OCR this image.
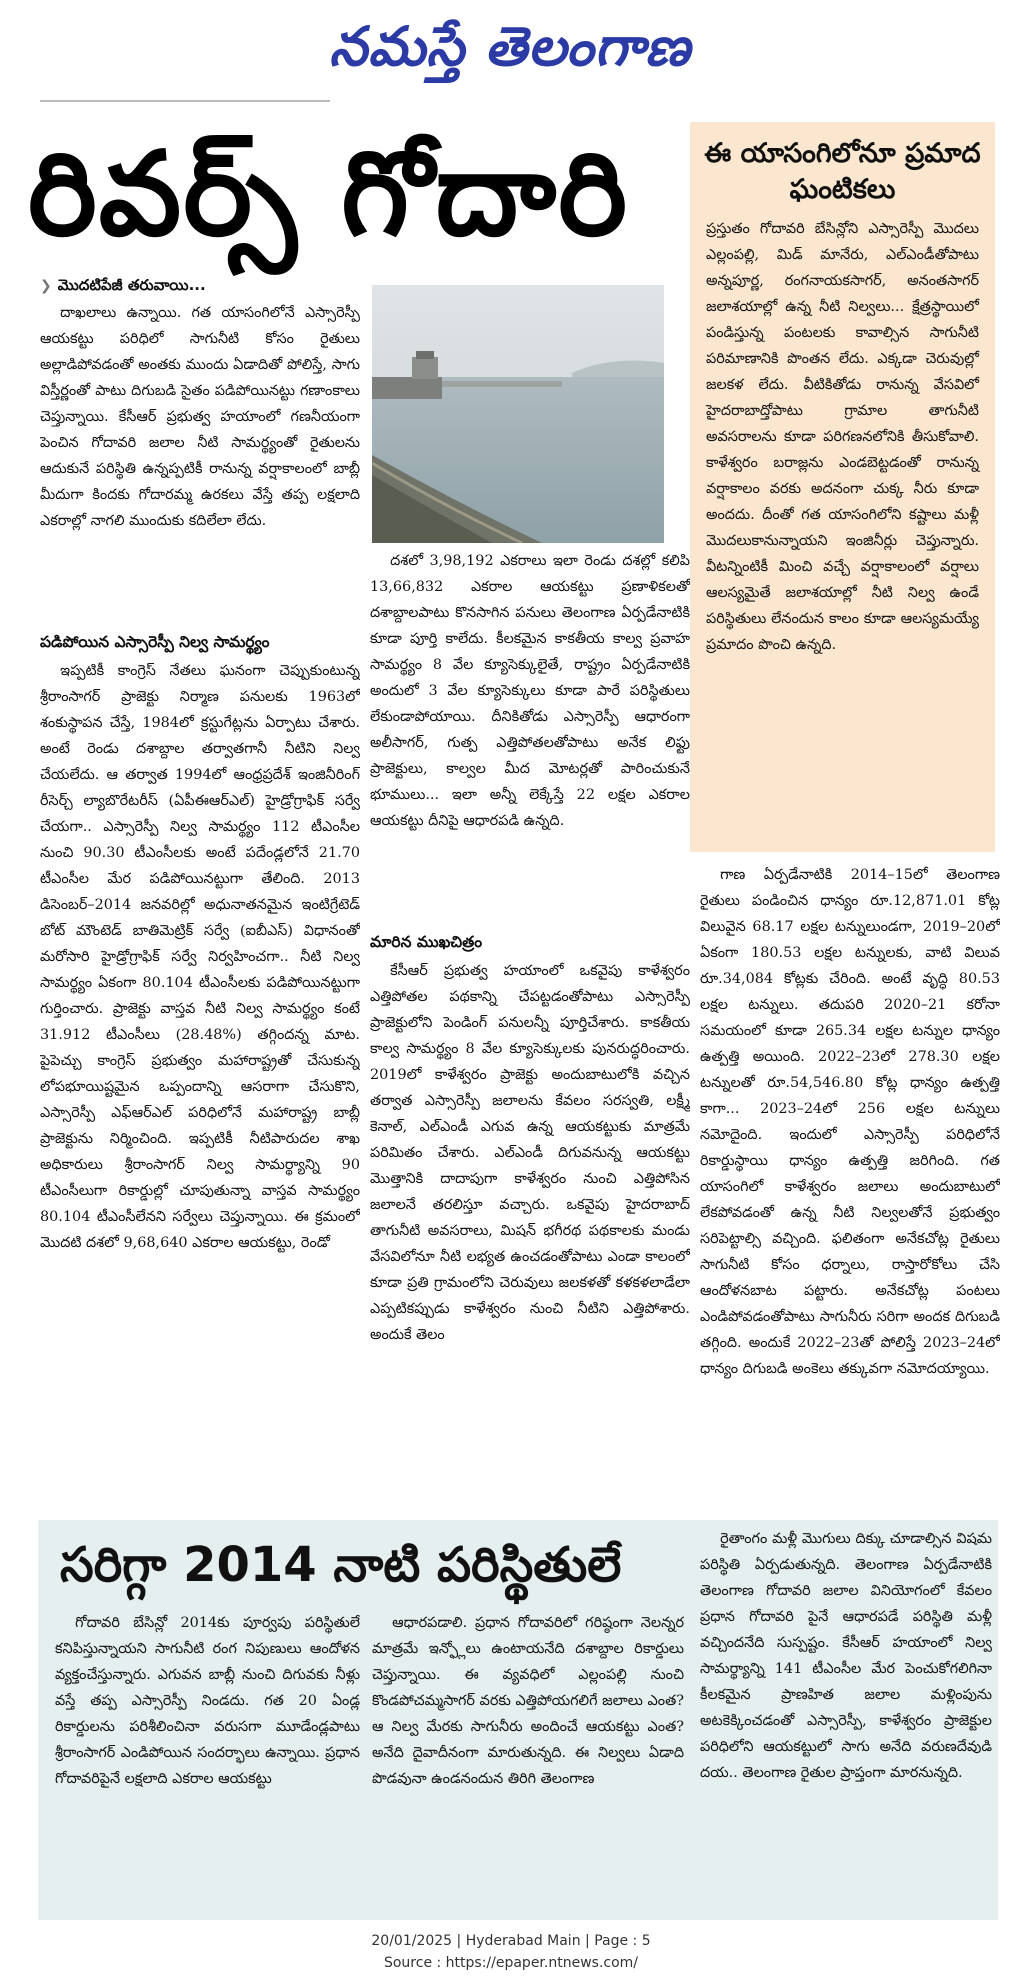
నమస్తే తెలంగాణ
రివర్స్ గోదారి	ఈ యాసంగిలోనూ ప్రమాద ఘంటికలు
ప్రస్తుతం గోదావరి బేసిన్లోని ఎస్సారెస్పీ మొదలు ఎల్లంపల్లి, మిడ్ మానేరు, ఎల్ఎండీతోపాటు అన్నపూర్ణ, రంగనాయకసాగర్, అనంతసాగర్ జలాశయాల్లో ఉన్న నీటి నిల్వలు... క్షేత్రస్థాయిలో పండిస్తున్న పంటలకు కావాల్సిన సాగునీటి పరిమాణానికి పొంతన లేదు. ఎక్కడా చెరువుల్లో జలకళ లేదు. వీటికితోడు రానున్న వేసవిలో హైదరాబాద్తోపాటు గ్రామాల తాగునీటి అవసరాలను కూడా పరిగణనలోనికి తీసుకోవాలి. కాళేశ్వరం బరాజ్లను ఎండబెట్టడంతో రానున్న వర్షాకాలం వరకు అదనంగా చుక్క నీరు కూడా అందదు. దీంతో గత యాసంగిలోని కష్టాలు మళ్లీ మొదలుకానున్నాయని ఇంజినీర్లు చెప్తున్నారు. వీటన్నింటికీ మించి వచ్చే వర్షాకాలంలో వర్షాలు ఆలస్యమైతే జలాశయాల్లో నీటి నిల్వ ఉండే పరిస్థితులు లేనందున కాలం కూడా ఆలస్యమయ్యే ప్రమాదం పొంచి ఉన్నది.
❯ మొదటిపేజీ తరువాయి...

దాఖలాలు ఉన్నాయి. గత యాసంగిలోనే ఎస్సారెస్పీ ఆయకట్టు పరిధిలో సాగునీటి కోసం రైతులు అల్లాడిపోవడంతో అంతకు ముందు ఏడాదితో పోలిస్తే, సాగు విస్తీర్ణంతో పాటు దిగుబడి సైతం పడిపోయినట్టు గణాంకాలు చెప్తున్నాయి. కేసీఆర్ ప్రభుత్వ హయాంలో గణనీయంగా పెంచిన గోదావరి జలాల నీటి సామర్థ్యంతో రైతులను ఆదుకునే పరిస్థితి ఉన్నప్పటికీ రానున్న వర్షాకాలంలో బాబ్లీ మీదుగా కిందకు గోదారమ్మ ఉరకలు వేస్తే తప్ప లక్షలాది ఎకరాల్లో నాగలి ముందుకు కదిలేలా లేదు.

పడిపోయిన ఎస్సారెస్పీ నిల్వ సామర్థ్యం

ఇప్పటికీ కాంగ్రెస్ నేతలు ఘనంగా చెప్పుకుంటున్న శ్రీరాంసాగర్ ప్రాజెక్టు నిర్మాణ పనులకు 1963లో శంకుస్థాపన చేస్తే, 1984లో క్రస్టుగేట్లను ఏర్పాటు చేశారు. అంటే రెండు దశాబ్దాల తర్వాతగానీ నీటిని నిల్వ చేయలేదు. ఆ తర్వాత 1994లో ఆంధ్రప్రదేశ్ ఇంజినీరింగ్ రీసెర్చ్ ల్యాబొరేటరీస్ (ఏపీఈఆర్ఎల్) హైడ్రోగ్రాఫిక్ సర్వే చేయగా.. ఎస్సారెస్పీ నిల్వ సామర్థ్యం 112 టీఎంసీల నుంచి 90.30 టీఎంసీలకు అంటే పదేండ్లలోనే 21.70 టీఎంసీల మేర పడిపోయినట్టుగా తేలింది. 2013 డిసెంబర్–2014 జనవరిల్లో అధునాతనమైన ఇంటిగ్రేటెడ్ బోట్ మౌంటెడ్ బాతిమెట్రిక్ సర్వే (ఐబీఎస్) విధానంతో మరోసారి హైడ్రోగ్రాఫిక్ సర్వే నిర్వహించగా.. నీటి నిల్వ సామర్థ్యం ఏకంగా 80.104 టీఎంసీలకు పడిపోయినట్టుగా గుర్తించారు. ప్రాజెక్టు వాస్తవ నీటి నిల్వ సామర్థ్యం కంటే 31.912 టీఎంసీలు (28.48%) తగ్గిందన్న మాట. పైపెచ్చు కాంగ్రెస్ ప్రభుత్వం మహారాష్ట్రతో చేసుకున్న లోపభూయిష్టమైన ఒప్పందాన్ని ఆసరాగా చేసుకొని, ఎస్సారెస్పీ ఎఫ్ఆర్ఎల్ పరిధిలోనే మహారాష్ట్ర బాబ్లీ ప్రాజెక్టును నిర్మించింది. ఇప్పటికీ నీటిపారుదల శాఖ అధికారులు శ్రీరాంసాగర్ నిల్వ సామర్థ్యాన్ని 90 టీఎంసీలుగా రికార్డుల్లో చూపుతున్నా వాస్తవ సామర్థ్యం 80.104 టీఎంసీలేనని సర్వేలు చెప్తున్నాయి. ఈ క్రమంలో మొదటి దశలో 9,68,640 ఎకరాల ఆయకట్టు, రెండో

దశలో 3,98,192 ఎకరాలు ఇలా రెండు దశల్లో కలిపి 13,66,832 ఎకరాల ఆయకట్టు ప్రణాళికలతో దశాబ్దాలపాటు కొనసాగిన పనులు తెలంగాణ ఏర్పడేనాటికి కూడా పూర్తి కాలేదు. కీలకమైన కాకతీయ కాల్వ ప్రవాహ సామర్థ్యం 8 వేల క్యూసెక్కులైతే, రాష్ట్రం ఏర్పడేనాటికి అందులో 3 వేల క్యూసెక్కులు కూడా పారే పరిస్థితులు లేకుండాపోయాయి. దీనికితోడు ఎస్సారెస్పీ ఆధారంగా అలీసాగర్, గుత్ప ఎత్తిపోతలతోపాటు అనేక లిఫ్టు ప్రాజెక్టులు, కాల్వల మీద మోటర్లతో పారించుకునే భూములు... ఇలా అన్నీ లెక్కేస్తే 22 లక్షల ఎకరాల ఆయకట్టు దీనిపై ఆధారపడి ఉన్నది.

మారిన ముఖచిత్రం

కేసీఆర్ ప్రభుత్వ హయాంలో ఒకవైపు కాళేశ్వరం ఎత్తిపోతల పథకాన్ని చేపట్టడంతోపాటు ఎస్సారెస్పీ ప్రాజెక్టులోని పెండింగ్ పనులన్నీ పూర్తిచేశారు. కాకతీయ కాల్వ సామర్థ్యం 8 వేల క్యూసెక్కులకు పునరుద్ధరించారు. 2019లో కాళేశ్వరం ప్రాజెక్టు అందుబాటులోకి వచ్చిన తర్వాత ఎస్సారెస్పీ జలాలను కేవలం సరస్వతి, లక్ష్మీ కెనాల్, ఎల్ఎండీ ఎగువ ఉన్న ఆయకట్టుకు మాత్రమే పరిమితం చేశారు. ఎల్ఎండీ దిగువనున్న ఆయకట్టు మొత్తానికి దాదాపుగా కాళేశ్వరం నుంచి ఎత్తిపోసిన జలాలనే తరలిస్తూ వచ్చారు. ఒకవైపు హైదరాబాద్ తాగునీటి అవసరాలు, మిషన్ భగీరథ పథకాలకు మండు వేసవిలోనూ నీటి లభ్యత ఉంచడంతోపాటు ఎండా కాలంలో కూడా ప్రతి గ్రామంలోని చెరువులు జలకళతో కళకళలాడేలా ఎప్పటికప్పుడు కాళేశ్వరం నుంచి నీటిని ఎత్తిపోశారు. అందుకే తెలం

గాణ ఏర్పడేనాటికి 2014–15లో తెలంగాణ రైతులు పండించిన ధాన్యం రూ.12,871.01 కోట్ల విలువైన 68.17 లక్షల టన్నులుండగా, 2019–20లో ఏకంగా 180.53 లక్షల టన్నులకు, వాటి విలువ రూ.34,084 కోట్లకు చేరింది. అంటే వృద్ధి 80.53 లక్షల టన్నులు. తదుపరి 2020–21 కరోనా సమయంలో కూడా 265.34 లక్షల టన్నుల ధాన్యం ఉత్పత్తి అయింది. 2022–23లో 278.30 లక్షల టన్నులతో రూ.54,546.80 కోట్ల ధాన్యం ఉత్పత్తి కాగా... 2023–24లో 256 లక్షల టన్నులు నమోదైంది. ఇందులో ఎస్సారెస్పీ పరిధిలోనే రికార్డుస్థాయి ధాన్యం ఉత్పత్తి జరిగింది. గత యాసంగిలో కాళేశ్వరం జలాలు అందుబాటులో లేకపోవడంతో ఉన్న నీటి నిల్వలతోనే ప్రభుత్వం సరిపెట్టాల్సి వచ్చింది. ఫలితంగా అనేకచోట్ల రైతులు సాగునీటి కోసం ధర్నాలు, రాస్తారోకోలు చేసి ఆందోళనబాట పట్టారు. అనేకచోట్ల పంటలు ఎండిపోవడంతోపాటు సాగునీరు సరిగా అందక దిగుబడి తగ్గింది. అందుకే 2022–23తో పోలిస్తే 2023–24లో ధాన్యం దిగుబడి అంకెలు తక్కువగా నమోదయ్యాయి.

సరిగ్గా 2014 నాటి పరిస్థితులే

గోదావరి బేసిన్లో 2014కు పూర్వపు పరిస్థితులే కనిపిస్తున్నాయని సాగునీటి రంగ నిపుణులు ఆందోళన వ్యక్తంచేస్తున్నారు. ఎగువన బాబ్లీ నుంచి దిగువకు నీళ్లు వస్తే తప్ప ఎస్సారెస్పీ నిండదు. గత 20 ఏండ్ల రికార్డులను పరిశీలించినా వరుసగా మూడేండ్లపాటు శ్రీరాంసాగర్ ఎండిపోయిన సందర్భాలు ఉన్నాయి. ప్రధాన గోదావరిపైనే లక్షలాది ఎకరాల ఆయకట్టు

ఆధారపడాలి. ప్రధాన గోదావరిలో గరిష్ఠంగా నెలన్నర మాత్రమే ఇన్ఫ్లోలు ఉంటాయనేది దశాబ్దాల రికార్డులు చెప్తున్నాయి. ఈ వ్యవధిలో ఎల్లంపల్లి నుంచి కొండపోచమ్మసాగర్ వరకు ఎత్తిపోయగలిగే జలాలు ఎంత? ఆ నిల్వ మేరకు సాగునీరు అందించే ఆయకట్టు ఎంత? అనేది దైవాదీనంగా మారుతున్నది. ఈ నిల్వలు ఏడాది పొడవునా ఉండనందున తిరిగి తెలంగాణ

రైతాంగం మళ్లీ మొగులు దిక్కు చూడాల్సిన విషమ పరిస్థితి ఏర్పడుతున్నది. తెలంగాణ ఏర్పడేనాటికి తెలంగాణ గోదావరి జలాల వినియోగంలో కేవలం ప్రధాన గోదావరి పైనే ఆధారపడే పరిస్థితి మళ్లీ వచ్చిందనేది సుస్పష్టం. కేసీఆర్ హయాంలో నిల్వ సామర్థ్యాన్ని 141 టీఎంసీల మేర పెంచుకోగలిగినా కీలకమైన ప్రాణహిత జలాల మళ్లింపును అటకెక్కించడంతో ఎస్సారెస్పీ, కాళేశ్వరం ప్రాజెక్టుల పరిధిలోని ఆయకట్టులో సాగు అనేది వరుణదేవుడి దయ.. తెలంగాణ రైతుల ప్రాప్తంగా మారనున్నది.

20/01/2025 | Hyderabad Main | Page : 5
Source : https://epaper.ntnews.com/
